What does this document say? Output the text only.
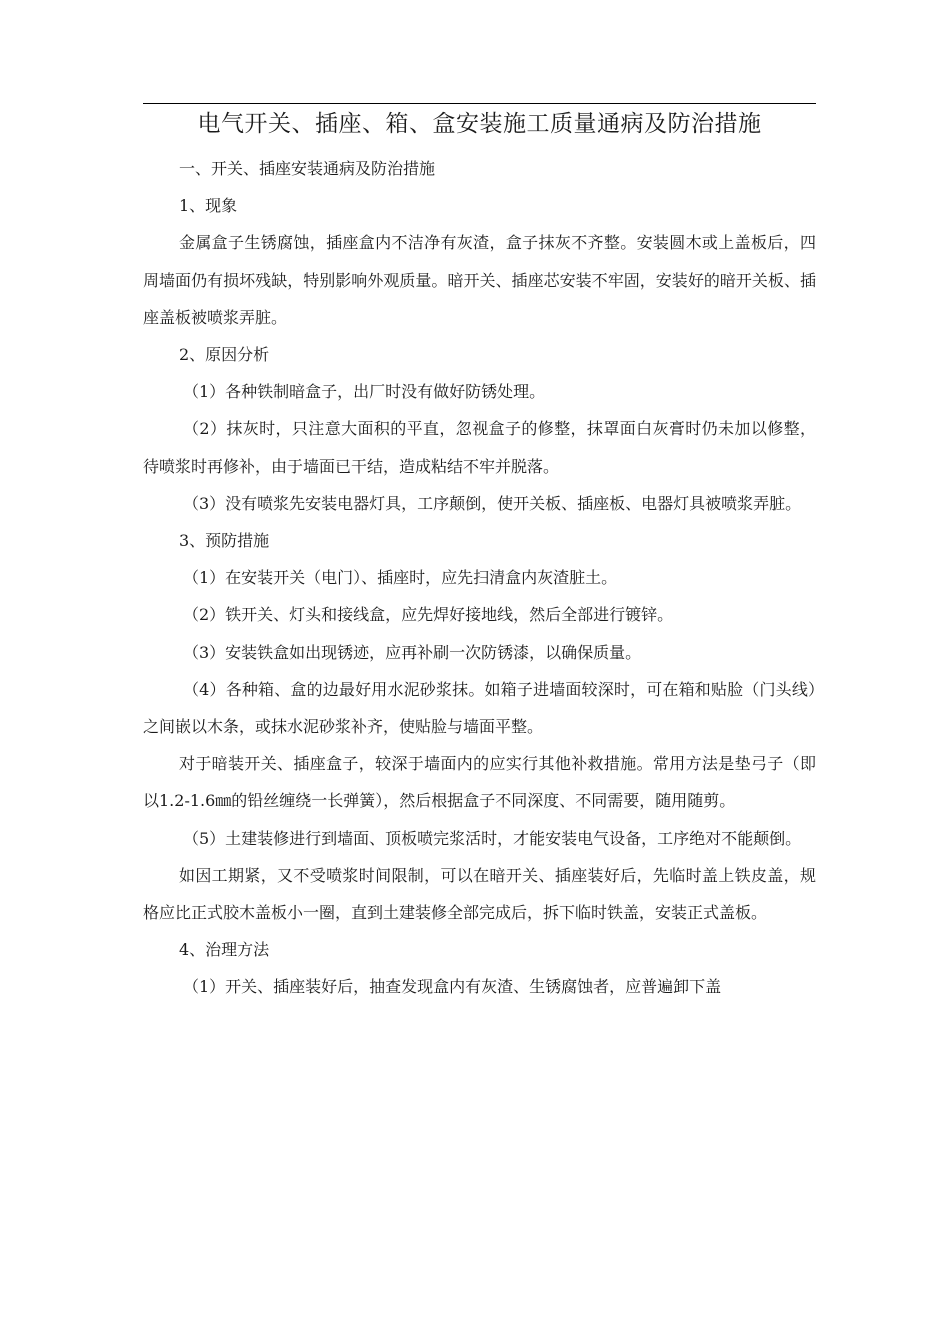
电气开关、插座、箱、盒安装施工质量通病及防治措施

一、开关、插座安装通病及防治措施

1、现象

金属盒子生锈腐蚀，插座盒内不洁净有灰渣，盒子抹灰不齐整。安装圆木或上盖板后，四周墙面仍有损坏残缺，特别影响外观质量。暗开关、插座芯安装不牢固，安装好的暗开关板、插座盖板被喷浆弄脏。

2、原因分析

（1）各种铁制暗盒子，出厂时没有做好防锈处理。

（2）抹灰时，只注意大面积的平直，忽视盒子的修整，抹罩面白灰膏时仍未加以修整，待喷浆时再修补，由于墙面已干结，造成粘结不牢并脱落。

（3）没有喷浆先安装电器灯具，工序颠倒，使开关板、插座板、电器灯具被喷浆弄脏。

3、预防措施

（1）在安装开关（电门）、插座时，应先扫清盒内灰渣脏土。

（2）铁开关、灯头和接线盒，应先焊好接地线，然后全部进行镀锌。

（3）安装铁盒如出现锈迹，应再补刷一次防锈漆，以确保质量。

（4）各种箱、盒的边最好用水泥砂浆抹。如箱子进墙面较深时，可在箱和贴脸（门头线）之间嵌以木条，或抹水泥砂浆补齐，使贴脸与墙面平整。

对于暗装开关、插座盒子，较深于墙面内的应实行其他补救措施。常用方法是垫弓子（即以1.2-1.6㎜的铅丝缠绕一长弹簧），然后根据盒子不同深度、不同需要，随用随剪。

（5）土建装修进行到墙面、顶板喷完浆活时，才能安装电气设备，工序绝对不能颠倒。

如因工期紧，又不受喷浆时间限制，可以在暗开关、插座装好后，先临时盖上铁皮盖，规格应比正式胶木盖板小一圈，直到土建装修全部完成后，拆下临时铁盖，安装正式盖板。

4、治理方法

（1）开关、插座装好后，抽查发现盒内有灰渣、生锈腐蚀者，应普遍卸下盖
